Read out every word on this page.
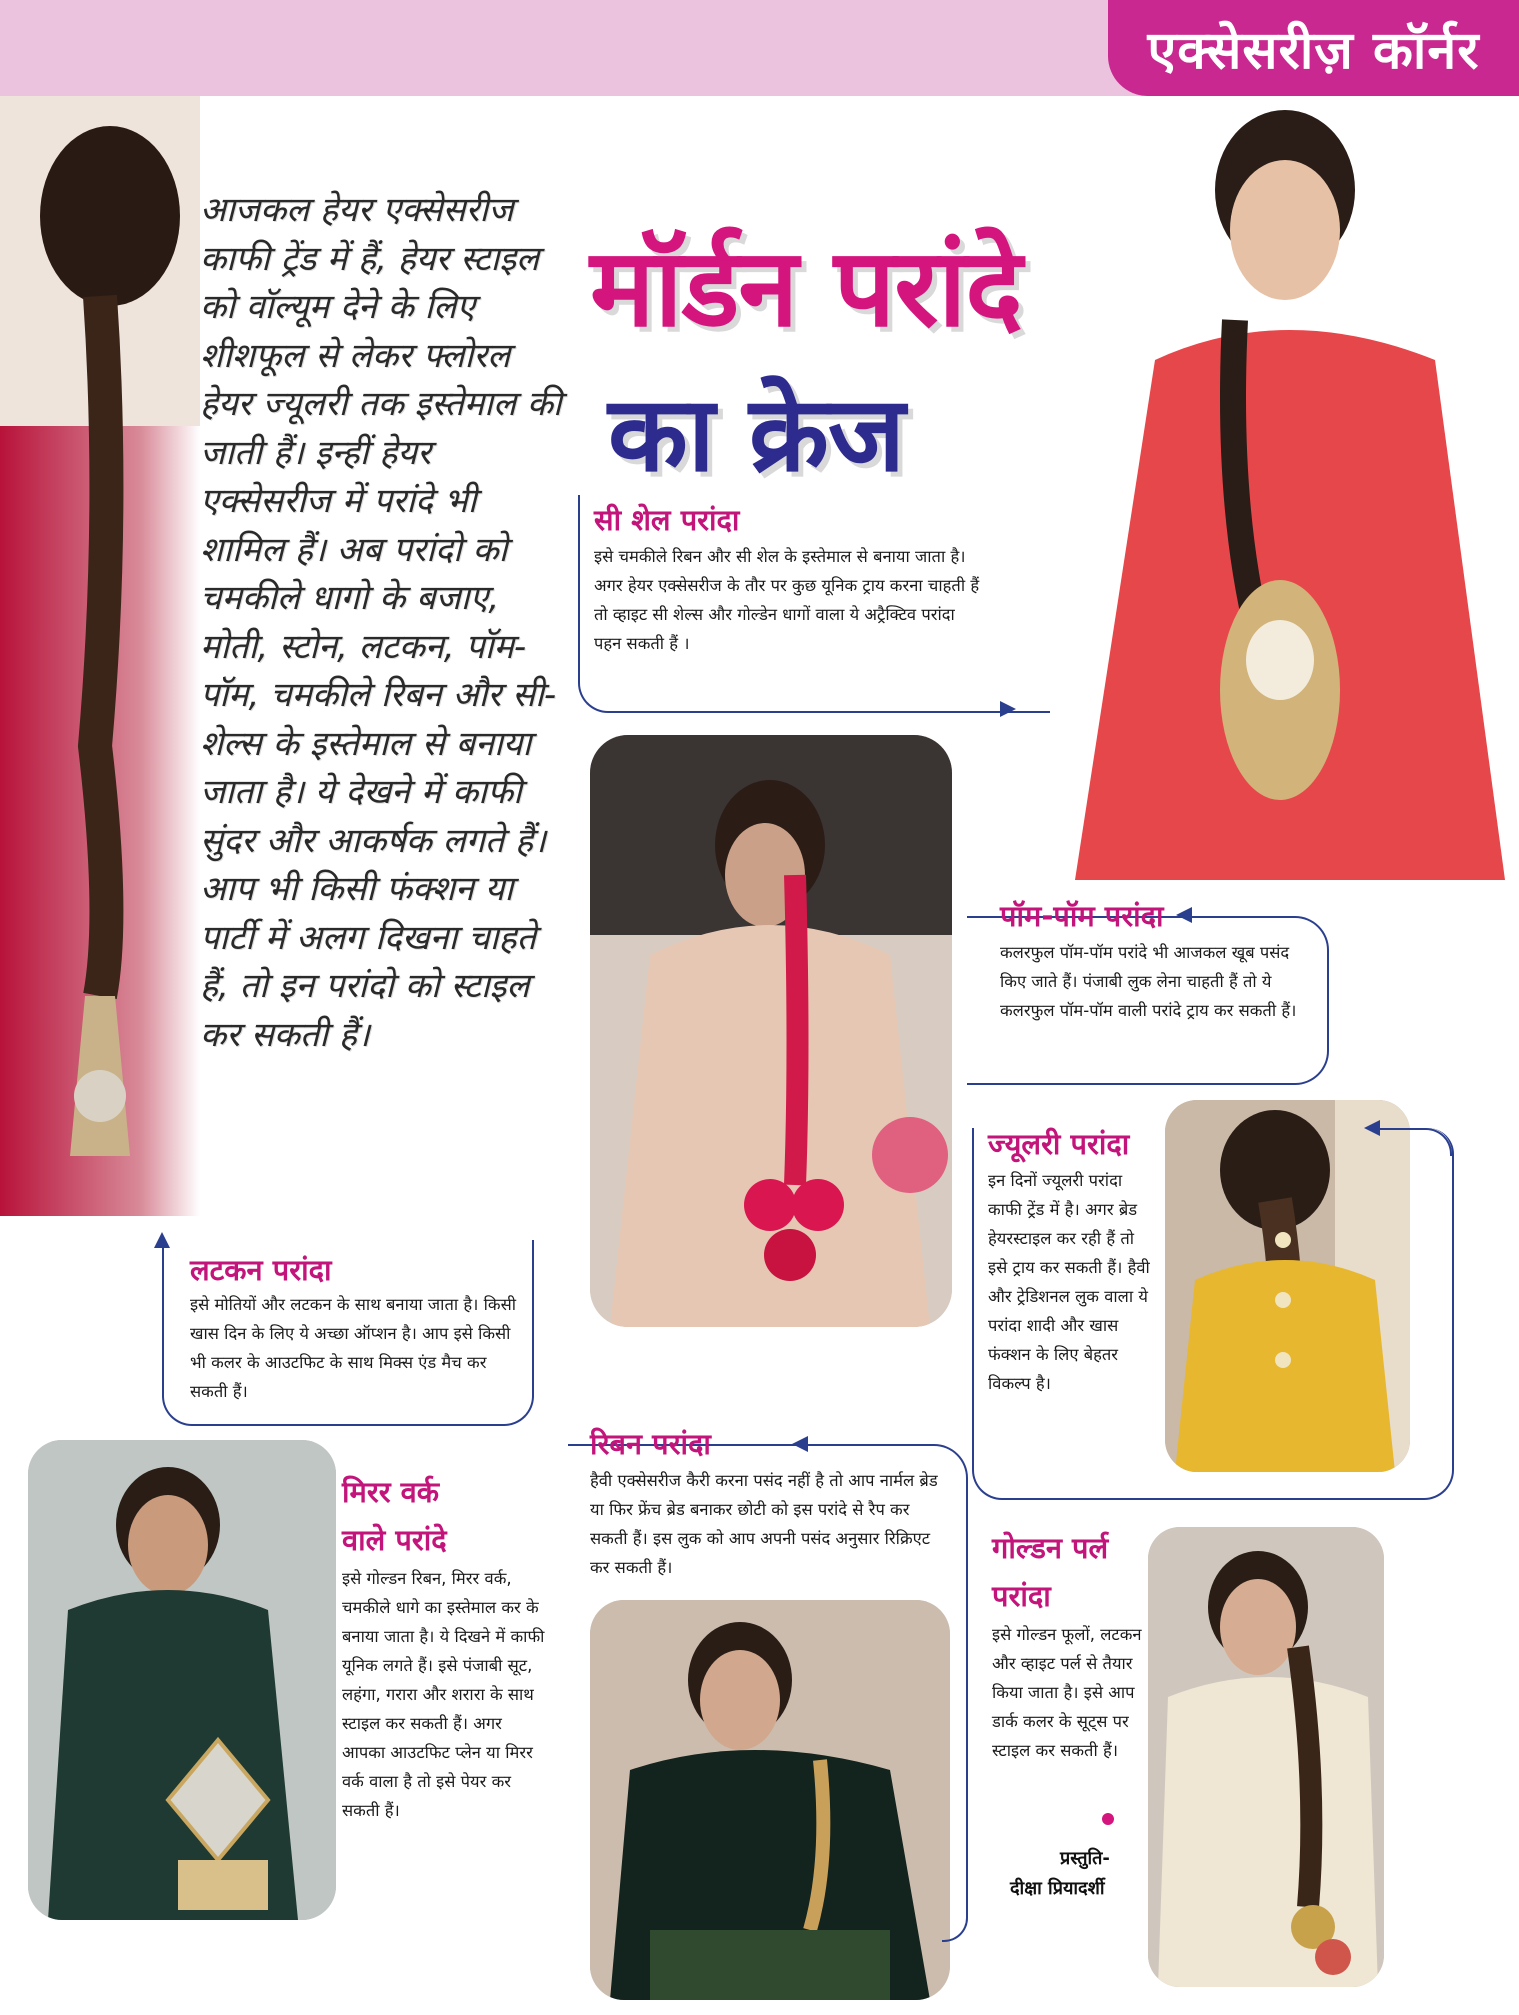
एक्सेसरीज़ कॉर्नर
आजकल हेयर एक्सेसरीज काफी ट्रेंड में हैं, हेयर स्टाइल को वॉल्यूम देने के लिए शीशफूल से लेकर फ्लोरल हेयर ज्यूलरी तक इस्तेमाल की जाती हैं। इन्हीं हेयर एक्सेसरीज में परांदे भी शामिल हैं। अब परांदो को चमकीले धागो के बजाए, मोती, स्टोन, लटकन, पॉम-पॉम, चमकीले रिबन और सी-शेल्स के इस्तेमाल से बनाया जाता है। ये देखने में काफी सुंदर और आकर्षक लगते हैं। आप भी किसी फंक्शन या पार्टी में अलग दिखना चाहते हैं, तो इन परांदो को स्टाइल कर सकती हैं।
मॉर्डन परांदे
का क्रेज
सी शेल परांदा
इसे चमकीले रिबन और सी शेल के इस्तेमाल से बनाया जाता है। अगर हेयर एक्सेसरीज के तौर पर कुछ यूनिक ट्राय करना चाहती हैं तो व्हाइट सी शेल्स और गोल्डेन धागों वाला ये अट्रैक्टिव परांदा पहन सकती हैं ।
पॉम-पॉम परांदा
कलरफुल पॉम-पॉम परांदे भी आजकल खूब पसंद किए जाते हैं। पंजाबी लुक लेना चाहती हैं तो ये कलरफुल पॉम-पॉम वाली परांदे ट्राय कर सकती हैं।
ज्यूलरी परांदा
इन दिनों ज्यूलरी परांदा काफी ट्रेंड में है। अगर ब्रेड हेयरस्टाइल कर रही हैं तो इसे ट्राय कर सकती हैं। हैवी और ट्रेडिशनल लुक वाला ये परांदा शादी और खास फंक्शन के लिए बेहतर विकल्प है।
लटकन परांदा
इसे मोतियों और लटकन के साथ बनाया जाता है। किसी खास दिन के लिए ये अच्छा ऑप्शन है। आप इसे किसी भी कलर के आउटफिट के साथ मिक्स एंड मैच कर सकती हैं।
रिबन परांदा
हैवी एक्सेसरीज कैरी करना पसंद नहीं है तो आप नार्मल ब्रेड या फिर फ्रेंच ब्रेड बनाकर छोटी को इस परांदे से रैप कर सकती हैं। इस लुक को आप अपनी पसंद अनुसार रिक्रिएट कर सकती हैं।
मिरर वर्क
वाले परांदे
इसे गोल्डन रिबन, मिरर वर्क, चमकीले धागे का इस्तेमाल कर के बनाया जाता है। ये दिखने में काफी यूनिक लगते हैं। इसे पंजाबी सूट, लहंगा, गरारा और शरारा के साथ स्टाइल कर सकती हैं। अगर आपका आउटफिट प्लेन या मिरर वर्क वाला है तो इसे पेयर कर सकती हैं।
गोल्डन पर्ल
परांदा
इसे गोल्डन फूलों, लटकन और व्हाइट पर्ल से तैयार किया जाता है। इसे आप डार्क कलर के सूट्स पर स्टाइल कर सकती हैं।
प्रस्तुति-
दीक्षा प्रियादर्शी
